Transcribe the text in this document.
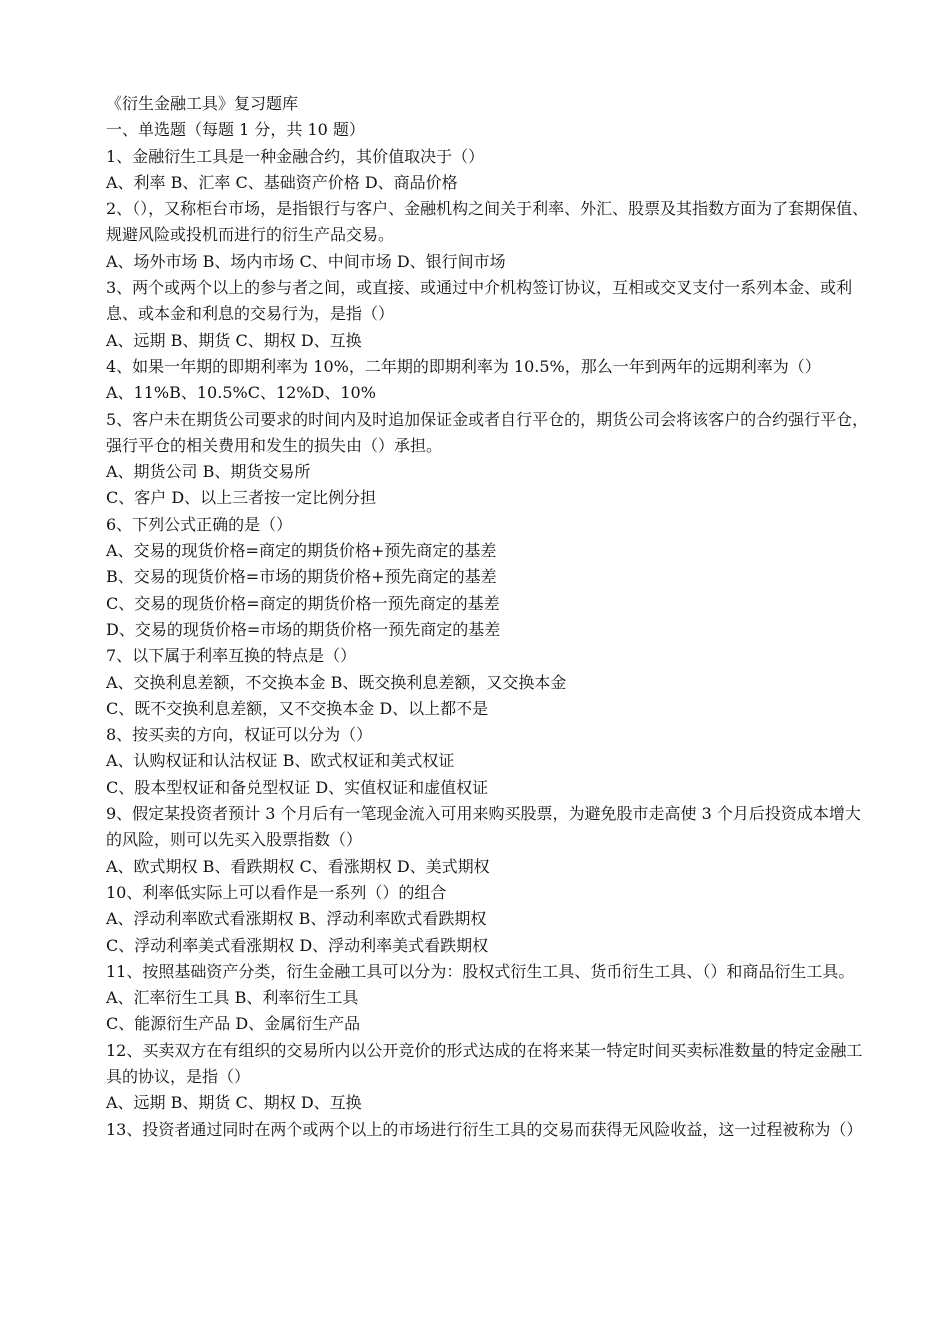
《衍生金融工具》复习题库

一、单选题（每题 1 分，共 10 题）

1、金融衍生工具是一种金融合约，其价值取决于（）

A、利率 B、汇率 C、基础资产价格 D、商品价格

2、（），又称柜台市场，是指银行与客户、金融机构之间关于利率、外汇、股票及其指数方面为了套期保值、规避风险或投机而进行的衍生产品交易。

A、场外市场 B、场内市场 C、中间市场 D、银行间市场

3、两个或两个以上的参与者之间，或直接、或通过中介机构签订协议，互相或交叉支付一系列本金、或利息、或本金和利息的交易行为，是指（）

A、远期 B、期货 C、期权 D、互换

4、如果一年期的即期利率为 10%，二年期的即期利率为 10.5%，那么一年到两年的远期利率为（）

A、11%B、10.5%C、12%D、10%

5、客户未在期货公司要求的时间内及时追加保证金或者自行平仓的，期货公司会将该客户的合约强行平仓，强行平仓的相关费用和发生的损失由（）承担。

A、期货公司 B、期货交易所

C、客户 D、以上三者按一定比例分担

6、下列公式正确的是（）

A、交易的现货价格=商定的期货价格+预先商定的基差

B、交易的现货价格=市场的期货价格+预先商定的基差

C、交易的现货价格=商定的期货价格一预先商定的基差

D、交易的现货价格=市场的期货价格一预先商定的基差

7、以下属于利率互换的特点是（）

A、交换利息差额，不交换本金 B、既交换利息差额，又交换本金

C、既不交换利息差额，又不交换本金 D、以上都不是

8、按买卖的方向，权证可以分为（）

A、认购权证和认沽权证 B、欧式权证和美式权证

C、股本型权证和备兑型权证 D、实值权证和虚值权证

9、假定某投资者预计 3 个月后有一笔现金流入可用来购买股票，为避免股市走高使 3 个月后投资成本增大的风险，则可以先买入股票指数（）

A、欧式期权 B、看跌期权 C、看涨期权 D、美式期权

10、利率低实际上可以看作是一系列（）的组合

A、浮动利率欧式看涨期权 B、浮动利率欧式看跌期权

C、浮动利率美式看涨期权 D、浮动利率美式看跌期权

11、按照基础资产分类，衍生金融工具可以分为：股权式衍生工具、货币衍生工具、（）和商品衍生工具。

A、汇率衍生工具 B、利率衍生工具

C、能源衍生产品 D、金属衍生产品

12、买卖双方在有组织的交易所内以公开竞价的形式达成的在将来某一特定时间买卖标准数量的特定金融工具的协议，是指（）

A、远期 B、期货 C、期权 D、互换

13、投资者通过同时在两个或两个以上的市场进行衍生工具的交易而获得无风险收益，这一过程被称为（）
